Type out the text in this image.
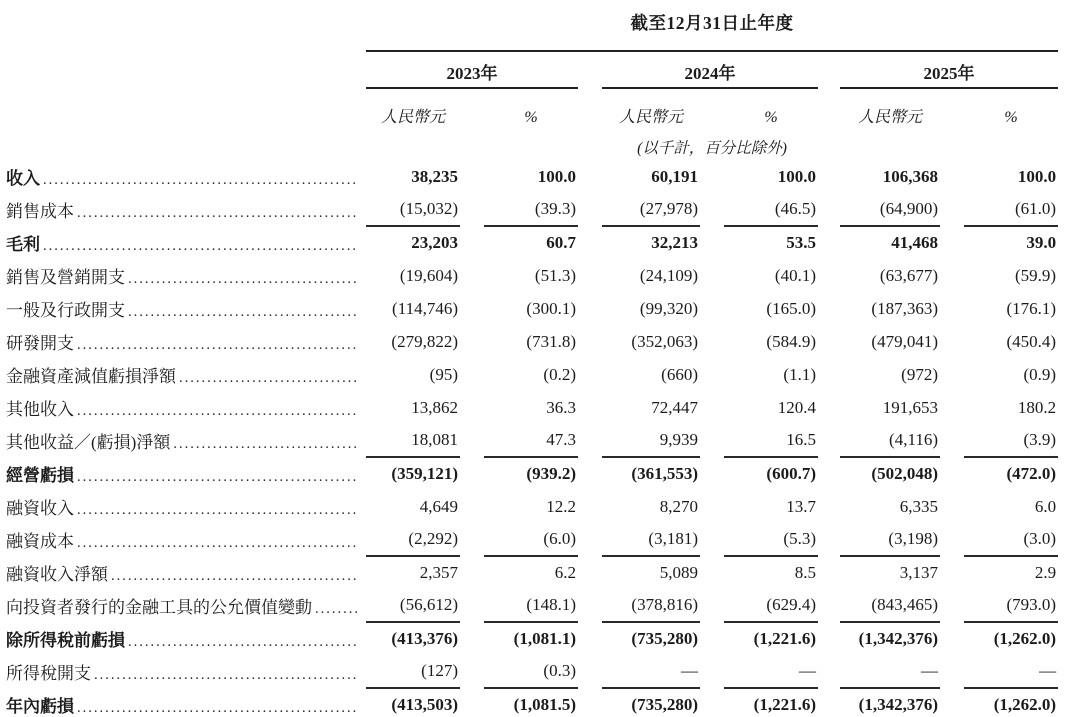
	截至12月31日止年度										
	2023年				2024年				2025年		
	人民幣元		%		人民幣元		%		人民幣元		%
	(以千計，百分比除外)										

收入
.....	38,235		100.0		60,191		100.0		106,368		100.0

銷售成本
.....	(15,032)		(39.3)		(27,978)		(46.5)		(64,900)		(61.0)

毛利
.....	23,203		60.7		32,213		53.5		41,468		39.0

銷售及營銷開支
.....	(19,604)		(51.3)		(24,109)		(40.1)		(63,677)		(59.9)

一般及行政開支
.....	(114,746)		(300.1)		(99,320)		(165.0)		(187,363)		(176.1)

研發開支
.....	(279,822)		(731.8)		(352,063)		(584.9)		(479,041)		(450.4)

金融資產減值虧損淨額
.....	(95)		(0.2)		(660)		(1.1)		(972)		(0.9)

其他收入
.....	13,862		36.3		72,447		120.4		191,653		180.2

其他收益／(虧損)淨額
.....	18,081		47.3		9,939		16.5		(4,116)		(3.9)

經營虧損
.....	(359,121)		(939.2)		(361,553)		(600.7)		(502,048)		(472.0)

融資收入
.....	4,649		12.2		8,270		13.7		6,335		6.0

融資成本
.....	(2,292)		(6.0)		(3,181)		(5.3)		(3,198)		(3.0)

融資收入淨額
.....	2,357		6.2		5,089		8.5		3,137		2.9

向投資者發行的金融工具的公允價值變動
.....	(56,612)		(148.1)		(378,816)		(629.4)		(843,465)		(793.0)

除所得稅前虧損
.....	(413,376)		(1,081.1)		(735,280)		(1,221.6)		(1,342,376)		(1,262.0)

所得稅開支
.....	(127)		(0.3)		—		—		—		—

年內虧損
.....	(413,503)		(1,081.5)		(735,280)		(1,221.6)		(1,342,376)		(1,262.0)
